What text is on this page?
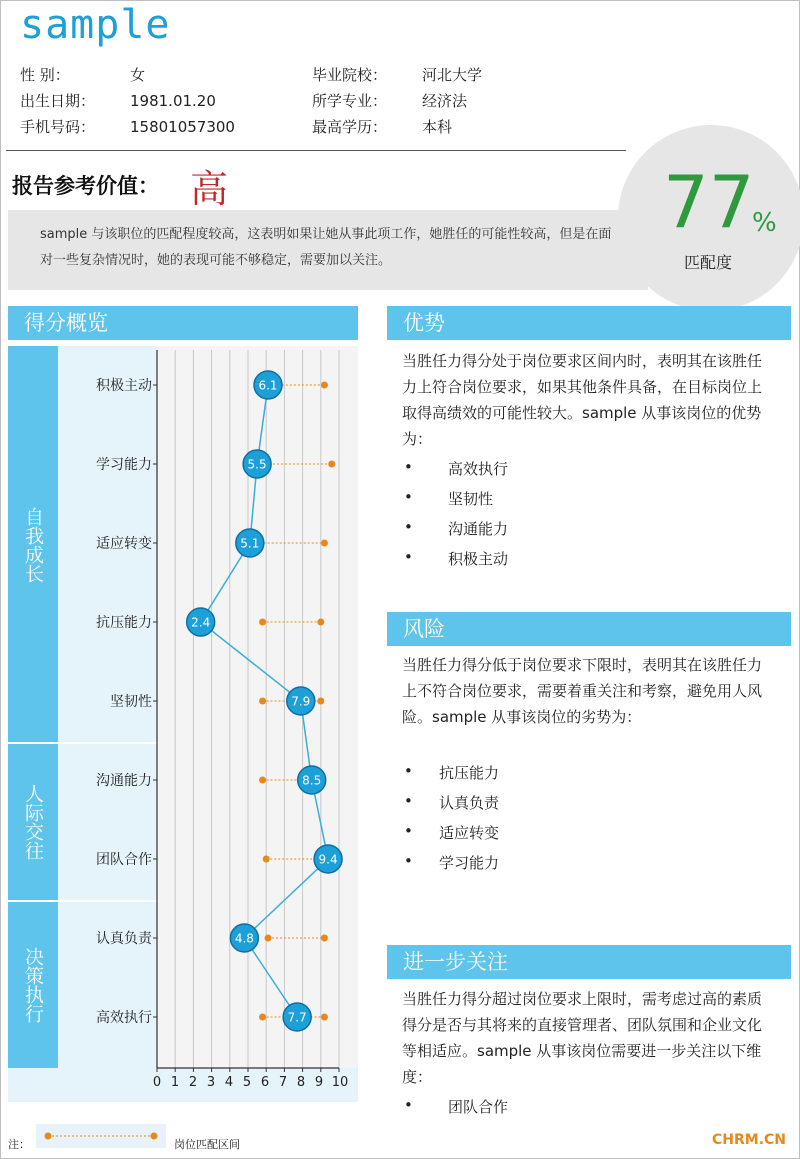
sample
性 别：	女
出生日期： 1981.01.20
手机号码： 15801057300
毕业院校： 河北大学
所学专业： 经济法
最高学历： 本科
报告参考价值： 高
sample 与该职位的匹配程度较高，这表明如果让她从事此项工作，她胜任的可能性较高，但是在面对一些复杂情况时，她的表现可能不够稳定，需要加以关注。
77
%
匹配度
得分概览
自我成长
人际交往
决策执行
积极主动
学习能力
适应转变
抗压能力
坚韧性
沟通能力
团队合作
认真负责
高效执行
6.1
5.5
5.1
2.4
7.9
8.5
9.4
4.8
7.7
0 1 2 3 4 5 6 7 8 9 10
注：	岗位匹配区间
优势
当胜任力得分处于岗位要求区间内时，表明其在该胜任力上符合岗位要求，如果其他条件具备，在目标岗位上取得高绩效的可能性较大。sample 从事该岗位的优势为：
• 高效执行
• 坚韧性
• 沟通能力
• 积极主动
风险
当胜任力得分低于岗位要求下限时，表明其在该胜任力上不符合岗位要求，需要着重关注和考察，避免用人风险。sample 从事该岗位的劣势为：
• 抗压能力
• 认真负责
• 适应转变
• 学习能力
进一步关注
当胜任力得分超过岗位要求上限时，需考虑过高的素质得分是否与其将来的直接管理者、团队氛围和企业文化等相适应。sample 从事该岗位需要进一步关注以下维度：
• 团队合作
CHRM.CN
